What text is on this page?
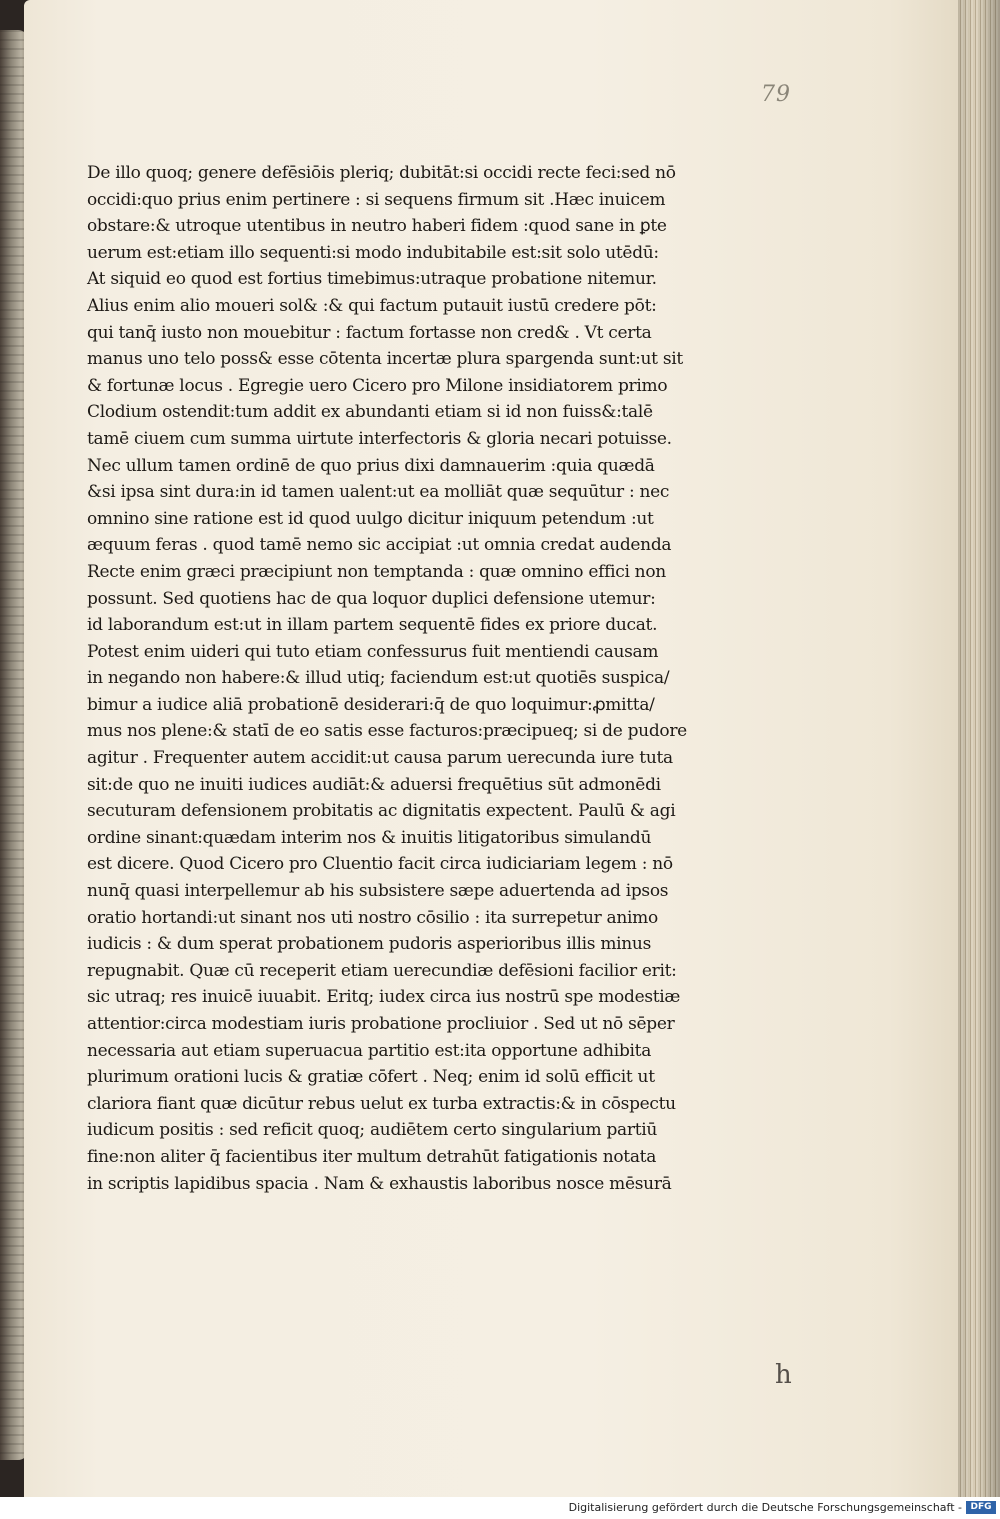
79
De illo quoq; genere defēsiōis pleriq; dubitāt:si occidi recte feci:sed nō
occidi:quo prius enim pertinere : si sequens firmum sit .Hæc inuicem
obstare:& utroque utentibus in neutro haberi fidem :quod sane in ꝑte
uerum est:etiam illo sequenti:si modo indubitabile est:sit solo utēdū:
At siquid eo quod est fortius timebimus:utraque probatione nitemur.
Alius enim alio moueri sol& :& qui factum putauit iustū credere pōt:
qui tanq̄ iusto non mouebitur : factum fortasse non cred& . Vt certa
manus uno telo poss& esse cōtenta incertæ plura spargenda sunt:ut sit
& fortunæ locus . Egregie uero Cicero pro Milone insidiatorem primo
Clodium ostendit:tum addit ex abundanti etiam si id non fuiss&:talē
tamē ciuem cum summa uirtute interfectoris & gloria necari potuisse.
Nec ullum tamen ordinē de quo prius dixi damnauerim :quia quædā
&si ipsa sint dura:in id tamen ualent:ut ea molliāt quæ sequūtur : nec
omnino sine ratione est id quod uulgo dicitur iniquum petendum :ut
æquum feras . quod tamē nemo sic accipiat :ut omnia credat audenda
Recte enim græci præcipiunt non temptanda : quæ omnino effici non
possunt. Sed quotiens hac de qua loquor duplici defensione utemur:
id laborandum est:ut in illam partem sequentē fides ex priore ducat.
Potest enim uideri qui tuto etiam confessurus fuit mentiendi causam
in negando non habere:& illud utiq; faciendum est:ut quotiēs suspica/
bimur a iudice aliā probationē desiderari:q̄ de quo loquimur:ꝓmitta/
mus nos plene:& statī de eo satis esse facturos:præcipueq; si de pudore
agitur . Frequenter autem accidit:ut causa parum uerecunda iure tuta
sit:de quo ne inuiti iudices audiāt:& aduersi frequētius sūt admonēdi
secuturam defensionem probitatis ac dignitatis expectent. Paulū & agi
ordine sinant:quædam interim nos & inuitis litigatoribus simulandū
est dicere. Quod Cicero pro Cluentio facit circa iudiciariam legem : nō
nunq̄ quasi interpellemur ab his subsistere sæpe aduertenda ad ipsos
oratio hortandi:ut sinant nos uti nostro cōsilio : ita surrepetur animo
iudicis : & dum sperat probationem pudoris asperioribus illis minus
repugnabit. Quæ cū receperit etiam uerecundiæ defēsioni facilior erit:
sic utraq; res inuicē iuuabit. Eritq; iudex circa ius nostrū spe modestiæ
attentior:circa modestiam iuris probatione procliuior . Sed ut nō sēper
necessaria aut etiam superuacua partitio est:ita opportune adhibita
plurimum orationi lucis & gratiæ cōfert . Neq; enim id solū efficit ut
clariora fiant quæ dicūtur rebus uelut ex turba extractis:& in cōspectu
iudicum positis : sed reficit quoq; audiētem certo singularium partiū
fine:non aliter q̄ facientibus iter multum detrahūt fatigationis notata
in scriptis lapidibus spacia . Nam & exhaustis laboribus nosce mēsurā
h
Digitalisierung gefördert durch die Deutsche Forschungsgemeinschaft - DFG
